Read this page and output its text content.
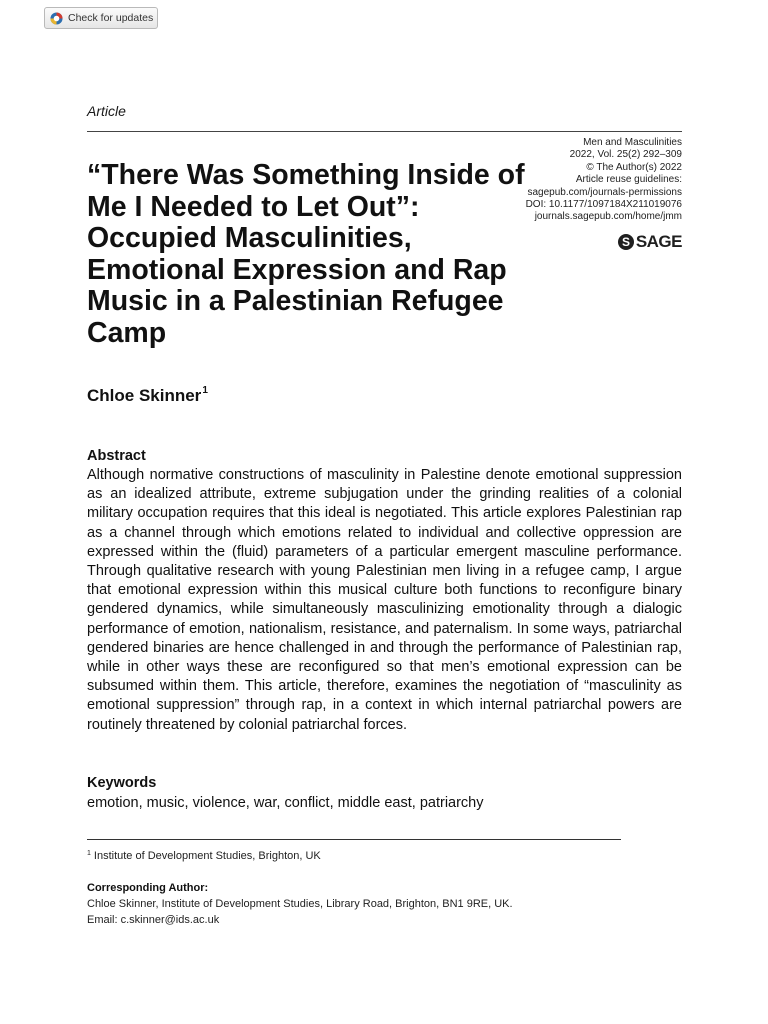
Check for updates
Article
Men and Masculinities
2022, Vol. 25(2) 292–309
© The Author(s) 2022
Article reuse guidelines:
sagepub.com/journals-permissions
DOI: 10.1177/1097184X211019076
journals.sagepub.com/home/jmm
S SAGE
“There Was Something Inside of Me I Needed to Let Out”: Occupied Masculinities, Emotional Expression and Rap Music in a Palestinian Refugee Camp
Chloe Skinner$^1$
Abstract

Although normative constructions of masculinity in Palestine denote emotional suppression as an idealized attribute, extreme subjugation under the grinding realities of a colonial military occupation requires that this ideal is negotiated. This article explores Palestinian rap as a channel through which emotions related to individual and collective oppression are expressed within the (fluid) parameters of a particular emergent masculine performance. Through qualitative research with young Palestinian men living in a refugee camp, I argue that emotional expression within this musical culture both functions to reconfigure binary gendered dynamics, while simultaneously masculinizing emotionality through a dialogic performance of emotion, nationalism, resistance, and paternalism. In some ways, patriarchal gendered binaries are hence challenged in and through the performance of Palestinian rap, while in other ways these are reconfigured so that men’s emotional expression can be subsumed within them. This article, therefore, examines the negotiation of “masculinity as emotional suppression” through rap, in a context in which internal patriarchal powers are routinely threatened by colonial patriarchal forces.

Keywords
emotion, music, violence, war, conflict, middle east, patriarchy
$^1$ Institute of Development Studies, Brighton, UK
Corresponding Author:
Chloe Skinner, Institute of Development Studies, Library Road, Brighton, BN1 9RE, UK.
Email: c.skinner@ids.ac.uk
